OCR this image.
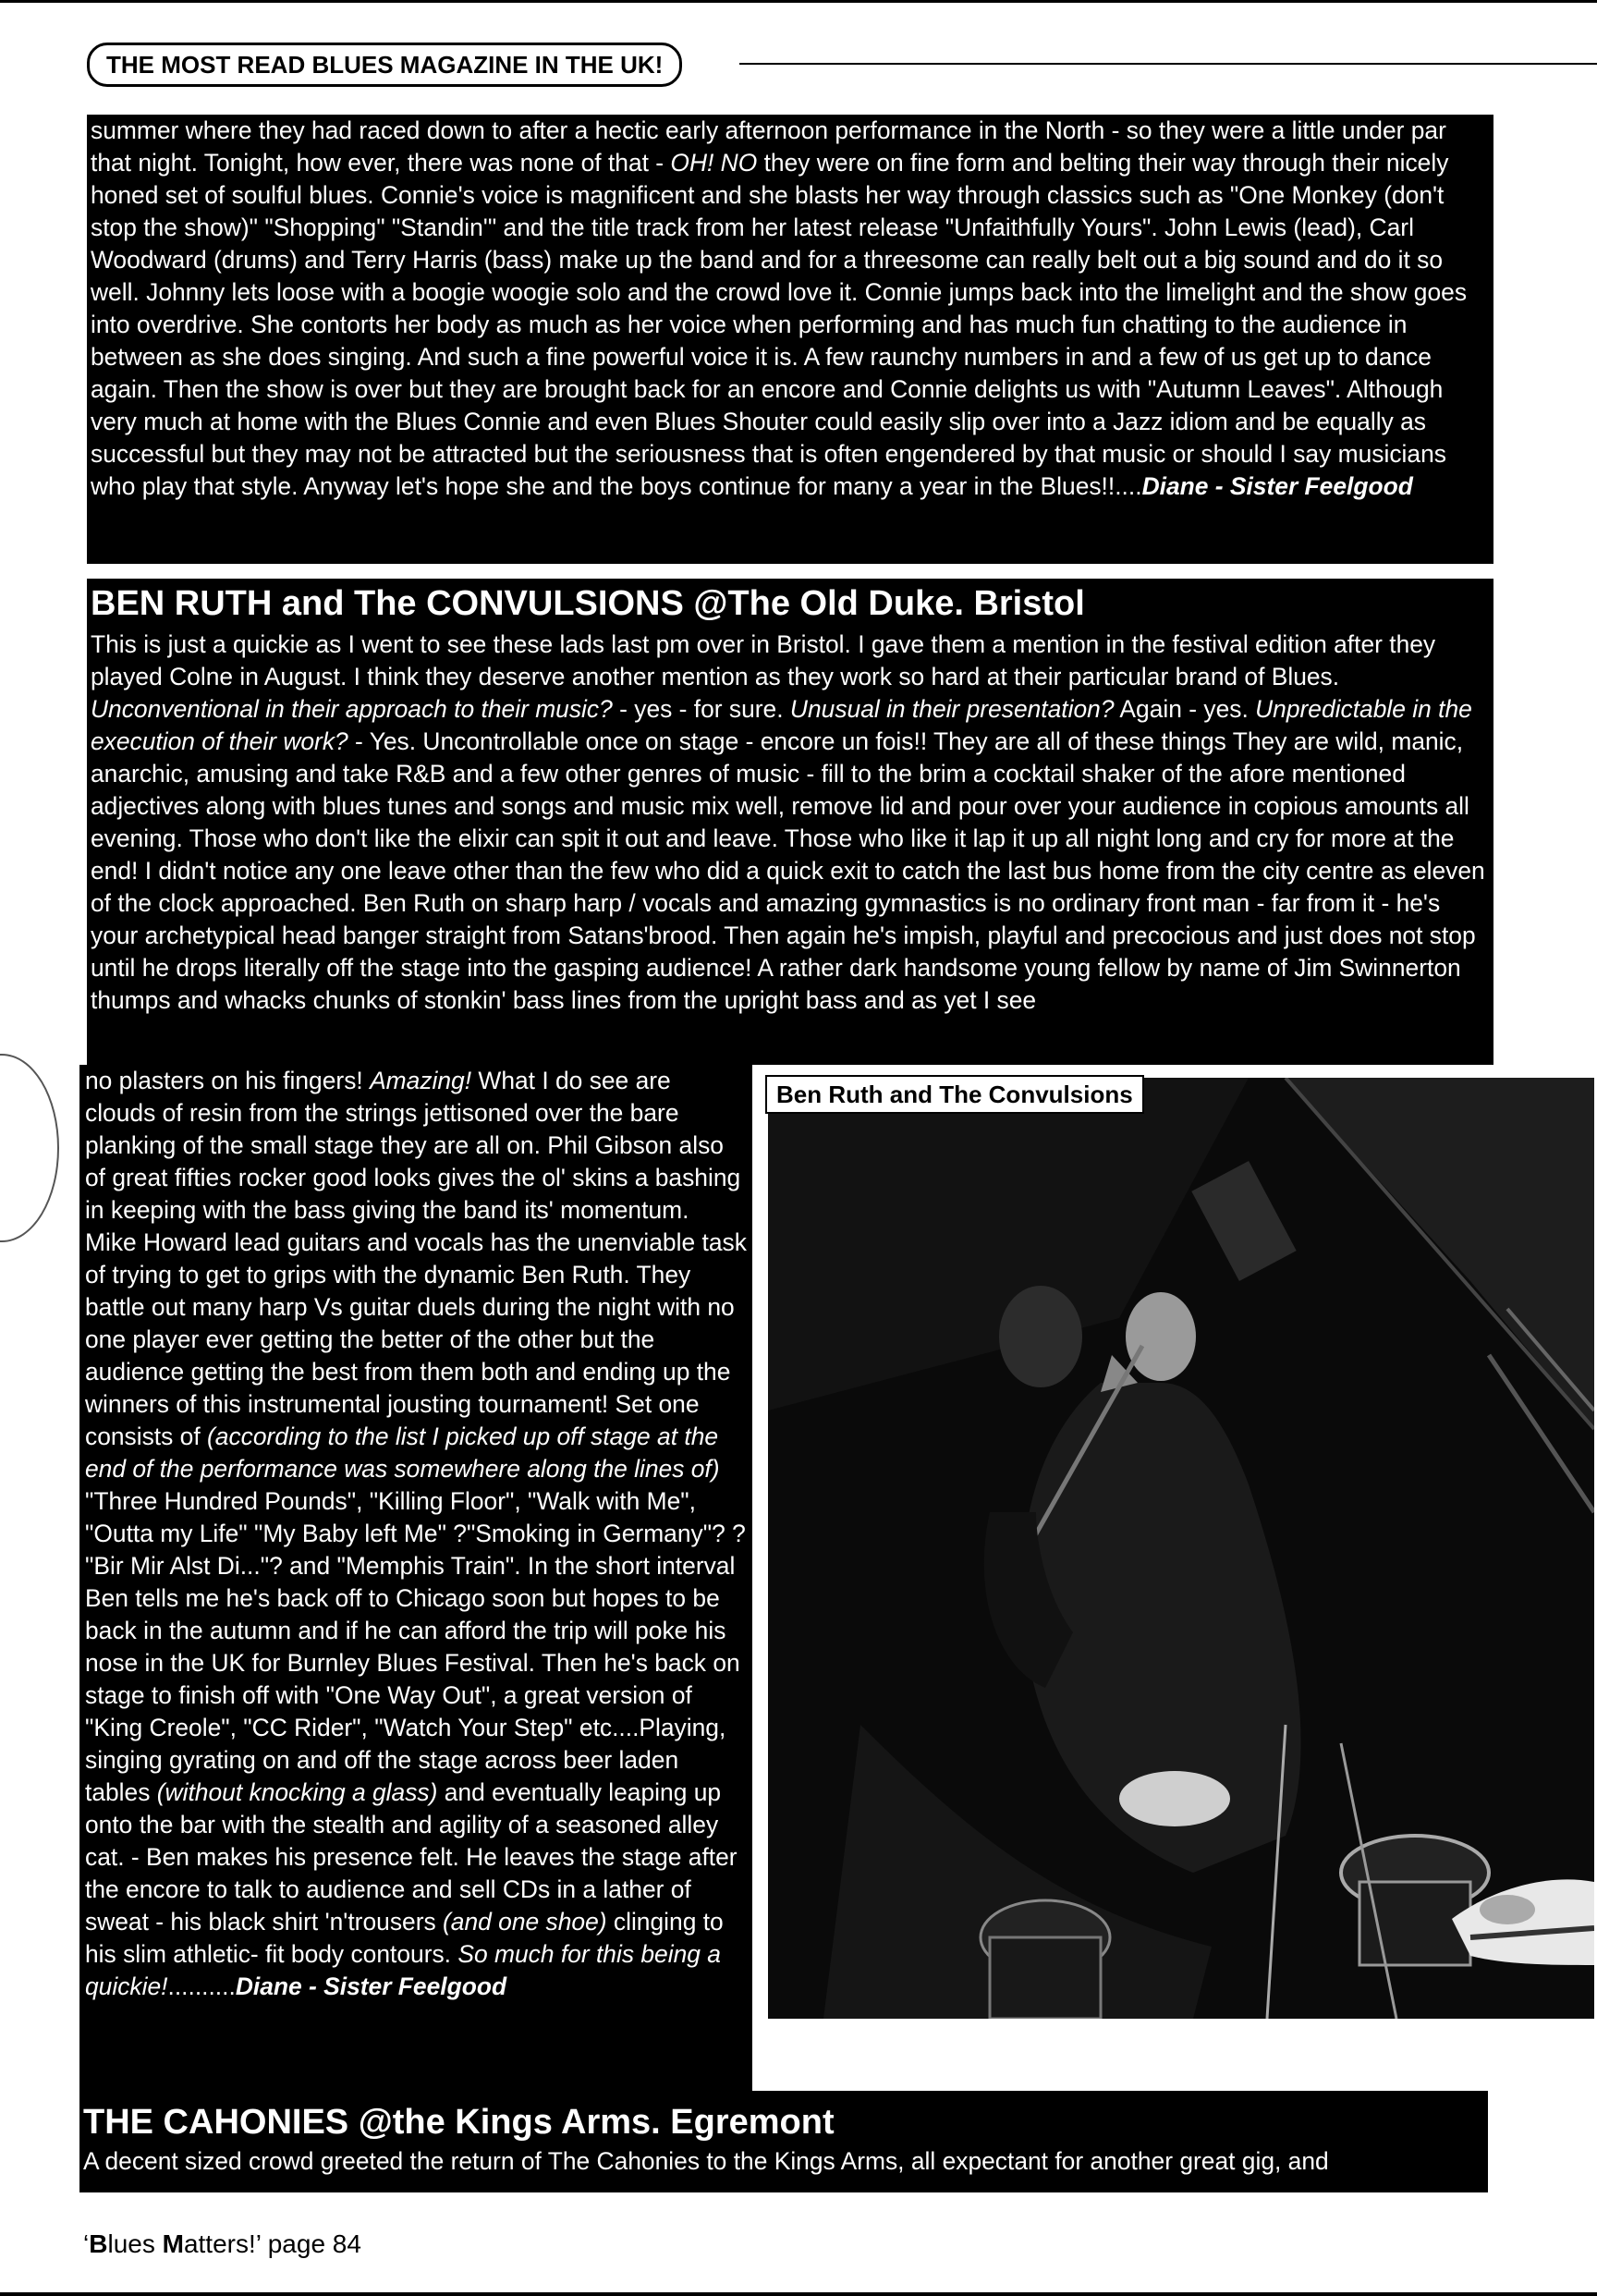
THE MOST READ BLUES MAGAZINE IN THE UK!

summer where they had raced down to after a hectic early afternoon performance in the North - so they were a little under par that night. Tonight, how ever, there was none of that - OH! NO they were on fine form and belting their way through their nicely honed set of soulful blues. Connie's voice is magnificent and she blasts her way through classics such as "One Monkey (don't stop the show)" "Shopping" "Standin'" and the title track from her latest release "Unfaithfully Yours". John Lewis (lead), Carl Woodward (drums) and Terry Harris (bass) make up the band and for a threesome can really belt out a big sound and do it so well. Johnny lets loose with a boogie woogie solo and the crowd love it. Connie jumps back into the limelight and the show goes into overdrive. She contorts her body as much as her voice when performing and has much fun chatting to the audience in between as she does singing. And such a fine powerful voice it is. A few raunchy numbers in and a few of us get up to dance again. Then the show is over but they are brought back for an encore and Connie delights us with "Autumn Leaves". Although very much at home with the Blues Connie and even Blues Shouter could easily slip over into a Jazz idiom and be equally as successful but they may not be attracted but the seriousness that is often engendered by that music or should I say musicians who play that style. Anyway let's hope she and the boys continue for many a year in the Blues!!....Diane - Sister Feelgood

BEN RUTH and The CONVULSIONS @The Old Duke. Bristol

This is just a quickie as I went to see these lads last pm over in Bristol. I gave them a mention in the festival edition after they played Colne in August. I think they deserve another mention as they work so hard at their particular brand of Blues. Unconventional in their approach to their music? - yes - for sure. Unusual in their presentation? Again - yes. Unpredictable in the execution of their work? - Yes. Uncontrollable once on stage - encore un fois!! They are all of these things They are wild, manic, anarchic, amusing and take R&B and a few other genres of music - fill to the brim a cocktail shaker of the afore mentioned adjectives along with blues tunes and songs and music mix well, remove lid and pour over your audience in copious amounts all evening. Those who don't like the elixir can spit it out and leave. Those who like it lap it up all night long and cry for more at the end! I didn't notice any one leave other than the few who did a quick exit to catch the last bus home from the city centre as eleven of the clock approached. Ben Ruth on sharp harp / vocals and amazing gymnastics is no ordinary front man - far from it - he's your archetypical head banger straight from Satans'brood. Then again he's impish, playful and precocious and just does not stop until he drops literally off the stage into the gasping audience! A rather dark handsome young fellow by name of Jim Swinnerton thumps and whacks chunks of stonkin' bass lines from the upright bass and as yet I see

no plasters on his fingers! Amazing! What I do see are clouds of resin from the strings jettisoned over the bare planking of the small stage they are all on. Phil Gibson also of great fifties rocker good looks gives the ol' skins a bashing in keeping with the bass giving the band its' momentum. Mike Howard lead guitars and vocals has the unenviable task of trying to get to grips with the dynamic Ben Ruth. They battle out many harp Vs guitar duels during the night with no one player ever getting the better of the other but the audience getting the best from them both and ending up the winners of this instrumental jousting tournament! Set one consists of (according to the list I picked up off stage at the end of the performance was somewhere along the lines of) "Three Hundred Pounds", "Killing Floor", "Walk with Me", "Outta my Life" "My Baby left Me" ?"Smoking in Germany"? ? "Bir Mir Alst Di..."? and "Memphis Train". In the short interval Ben tells me he's back off to Chicago soon but hopes to be back in the autumn and if he can afford the trip will poke his nose in the UK for Burnley Blues Festival. Then he's back on stage to finish off with "One Way Out", a great version of "King Creole", "CC Rider", "Watch Your Step" etc....Playing, singing gyrating on and off the stage across beer laden tables (without knocking a glass) and eventually leaping up onto the bar with the stealth and agility of a seasoned alley cat. - Ben makes his presence felt. He leaves the stage after the encore to talk to audience and sell CDs in a lather of sweat - his black shirt 'n'trousers (and one shoe) clinging to his slim athletic- fit body contours. So much for this being a quickie!..........Diane - Sister Feelgood

Ben Ruth and The Convulsions
THE CAHONIES @the Kings Arms. Egremont

A decent sized crowd greeted the return of The Cahonies to the Kings Arms, all expectant for another great gig, and

‘Blues Matters!’ page 84
